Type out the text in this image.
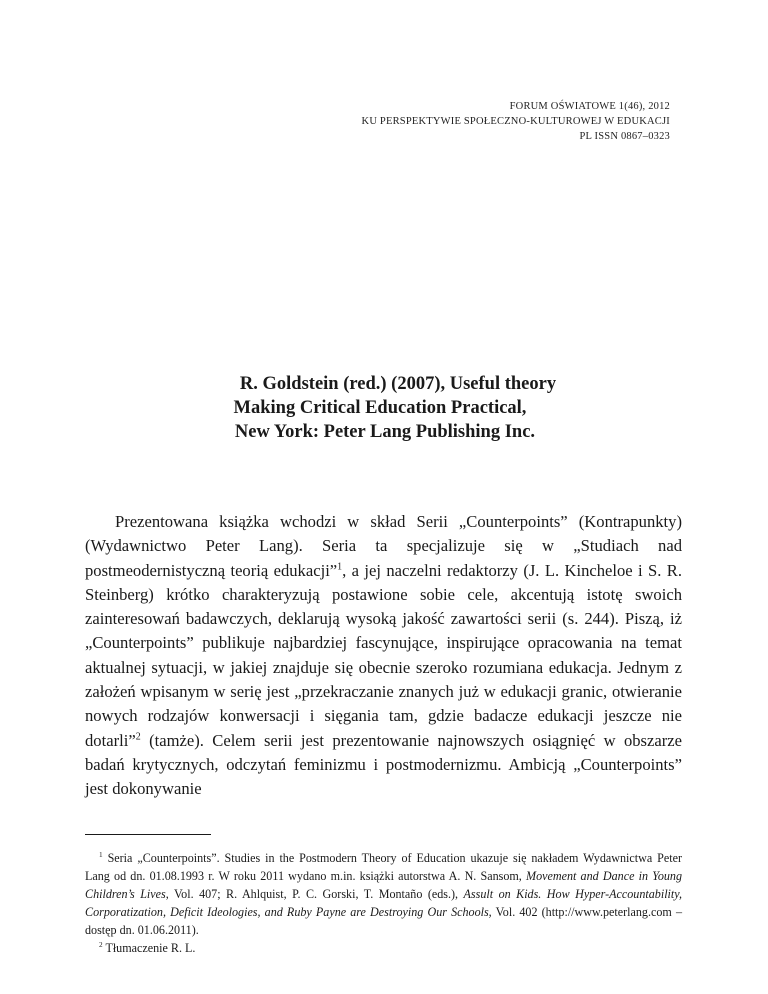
FORUM OŚWIATOWE 1(46), 2012
KU PERSPEKTYWIE SPOŁECZNO-KULTUROWEJ W EDUKACJI
PL ISSN 0867–0323
R. Goldstein (red.) (2007), Useful theory
Making Critical Education Practical,
New York: Peter Lang Publishing Inc.

Prezentowana książka wchodzi w skład Serii „Counterpoints” (Kontrapunkty) (Wydawnictwo Peter Lang). Seria ta specjalizuje się w „Studiach nad postmeodernistyczną teorią edukacji”$^1$, a jej naczelni redaktorzy (J. L. Kincheloe i S. R. Steinberg) krótko charakteryzują postawione sobie cele, akcentują istotę swoich zainteresowań badawczych, deklarują wysoką jakość zawartości serii (s. 244). Piszą, iż „Counterpoints” publikuje najbardziej fascynujące, inspirujące opracowania na temat aktualnej sytuacji, w jakiej znajduje się obecnie szeroko rozumiana edukacja. Jednym z założeń wpisanym w serię jest „przekraczanie znanych już w edukacji granic, otwieranie nowych rodzajów konwersacji i sięgania tam, gdzie badacze edukacji jeszcze nie dotarli”$^2$ (tamże). Celem serii jest prezentowanie najnowszych osiągnięć w obszarze badań krytycznych, odczytań feminizmu i postmodernizmu. Ambicją „Counterpoints” jest dokonywanie

$^1$ Seria „Counterpoints”. Studies in the Postmodern Theory of Education ukazuje się nakładem Wydawnictwa Peter Lang od dn. 01.08.1993 r. W roku 2011 wydano m.in. książki autorstwa A. N. Sansom, Movement and Dance in Young Children’s Lives, Vol. 407; R. Ahlquist, P. C. Gorski, T. Montaño (eds.), Assult on Kids. How Hyper-Accountability, Corporatization, Deficit Ideologies, and Ruby Payne are Destroying Our Schools, Vol. 402 (http://www.peterlang.com – dostęp dn. 01.06.2011).

$^2$ Tłumaczenie R. L.
